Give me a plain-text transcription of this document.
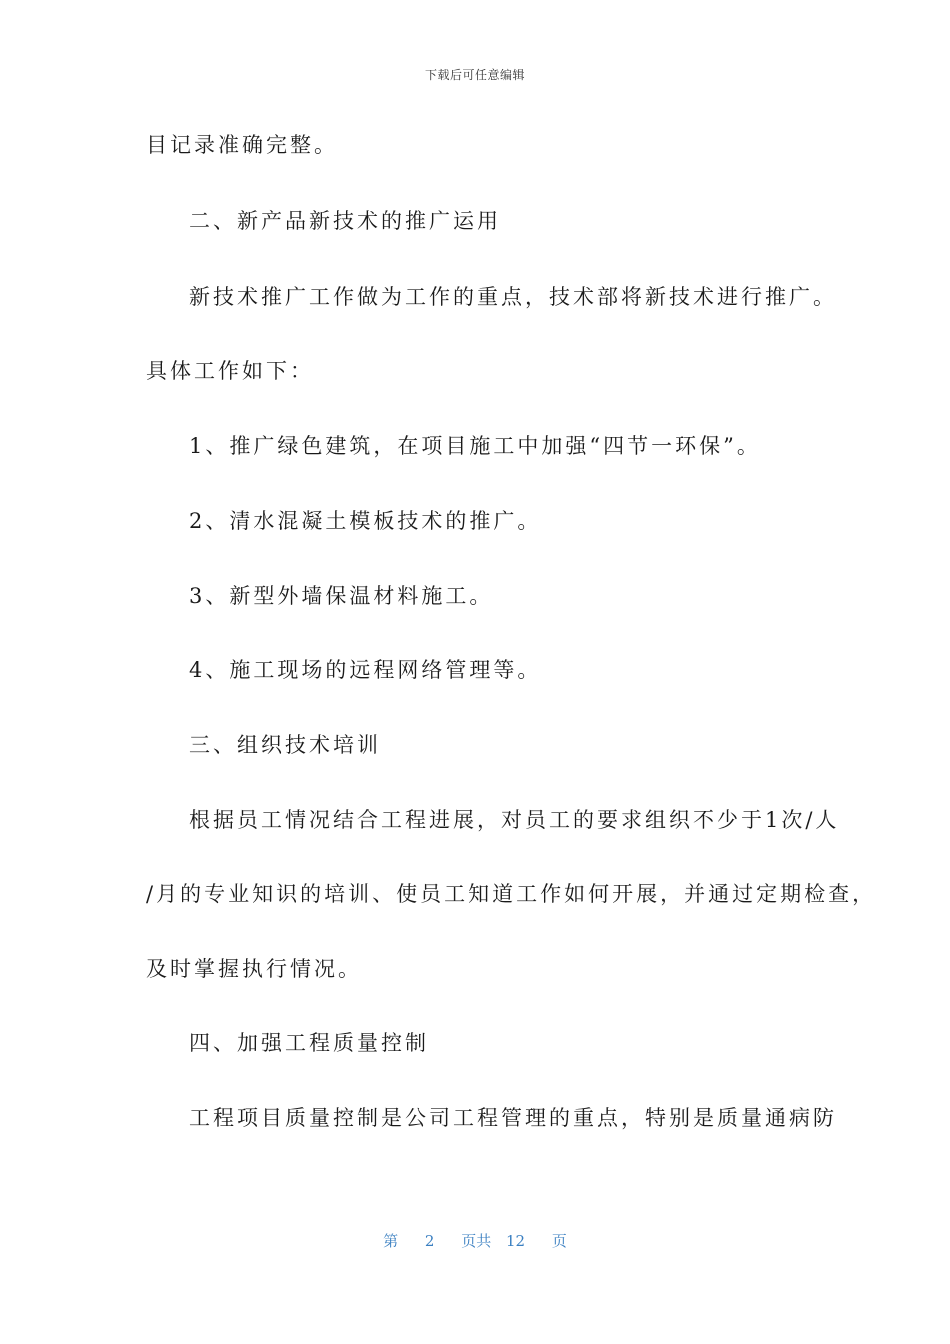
下载后可任意编辑
目记录准确完整。
二、新产品新技术的推广运用
新技术推广工作做为工作的重点，技术部将新技术进行推广。
具体工作如下：
1、推广绿色建筑，在项目施工中加强“四节一环保”。
2、清水混凝土模板技术的推广。
3、新型外墙保温材料施工。
4、施工现场的远程网络管理等。
三、组织技术培训
根据员工情况结合工程进展，对员工的要求组织不少于1次/人
/月的专业知识的培训、使员工知道工作如何开展，并通过定期检查，
及时掌握执行情况。
四、加强工程质量控制
工程项目质量控制是公司工程管理的重点，特别是质量通病防
第 2 页共 12 页
